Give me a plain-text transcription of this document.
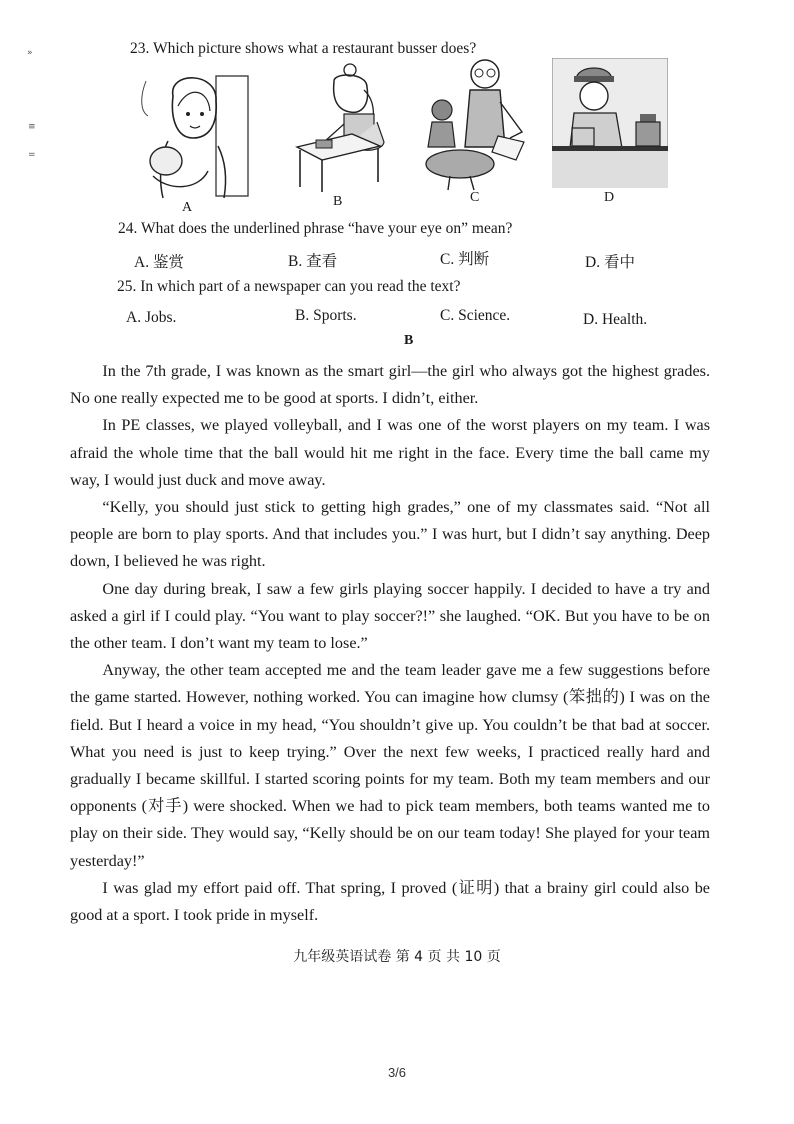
»
≡
=
23. Which picture shows what a restaurant busser does?
A	B	C	D
24. What does the underlined phrase “have your eye on” mean?
A. 鉴赏	B. 查看	C. 判断	D. 看中
25. In which part of a newspaper can you read the text?
A. Jobs.	B. Sports.	C. Science.	D. Health.
B

In the 7th grade, I was known as the smart girl—the girl who always got the highest grades. No one really expected me to be good at sports. I didn’t, either.

In PE classes, we played volleyball, and I was one of the worst players on my team. I was afraid the whole time that the ball would hit me right in the face. Every time the ball came my way, I would just duck and move away.

“Kelly, you should just stick to getting high grades,” one of my classmates said. “Not all people are born to play sports. And that includes you.” I was hurt, but I didn’t say anything. Deep down, I believed he was right.

One day during break, I saw a few girls playing soccer happily. I decided to have a try and asked a girl if I could play. “You want to play soccer?!” she laughed. “OK. But you have to be on the other team. I don’t want my team to lose.”

Anyway, the other team accepted me and the team leader gave me a few suggestions before the game started. However, nothing worked. You can imagine how clumsy (笨拙的) I was on the field. But I heard a voice in my head, “You shouldn’t give up. You couldn’t be that bad at soccer. What you need is just to keep trying.” Over the next few weeks, I practiced really hard and gradually I became skillful. I started scoring points for my team. Both my team members and our opponents (对手) were shocked. When we had to pick team members, both teams wanted me to play on their side. They would say, “Kelly should be on our team today! She played for your team yesterday!”

I was glad my effort paid off. That spring, I proved (证明) that a brainy girl could also be good at a sport. I took pride in myself.

九年级英语试卷 第 4 页 共 10 页
3/6
